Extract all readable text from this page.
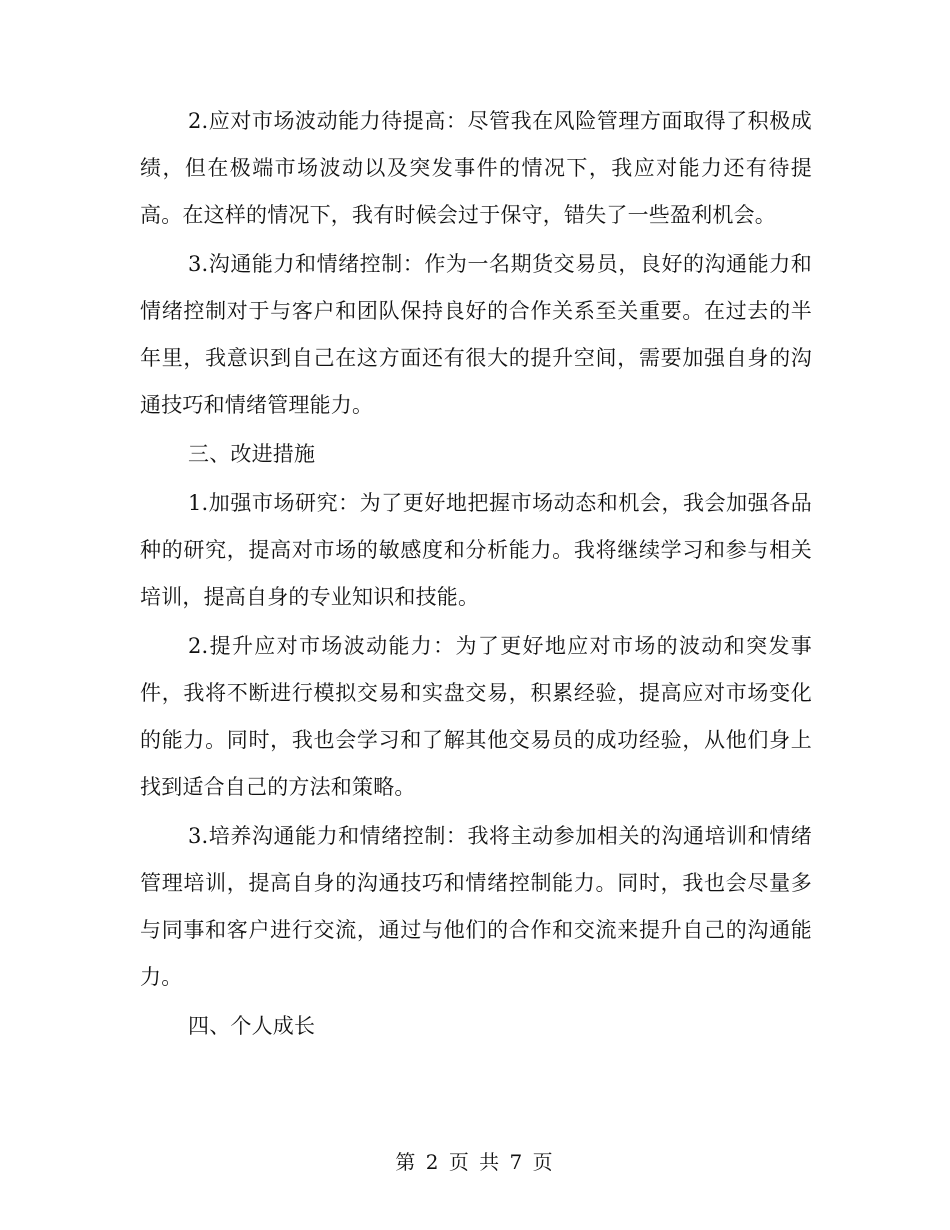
2.应对市场波动能力待提高：尽管我在风险管理方面取得了积极成绩，但在极端市场波动以及突发事件的情况下，我应对能力还有待提高。在这样的情况下，我有时候会过于保守，错失了一些盈利机会。

3.沟通能力和情绪控制：作为一名期货交易员，良好的沟通能力和情绪控制对于与客户和团队保持良好的合作关系至关重要。在过去的半年里，我意识到自己在这方面还有很大的提升空间，需要加强自身的沟通技巧和情绪管理能力。

三、改进措施

1.加强市场研究：为了更好地把握市场动态和机会，我会加强各品种的研究，提高对市场的敏感度和分析能力。我将继续学习和参与相关培训，提高自身的专业知识和技能。

2.提升应对市场波动能力：为了更好地应对市场的波动和突发事件，我将不断进行模拟交易和实盘交易，积累经验，提高应对市场变化的能力。同时，我也会学习和了解其他交易员的成功经验，从他们身上找到适合自己的方法和策略。

3.培养沟通能力和情绪控制：我将主动参加相关的沟通培训和情绪管理培训，提高自身的沟通技巧和情绪控制能力。同时，我也会尽量多与同事和客户进行交流，通过与他们的合作和交流来提升自己的沟通能力。

四、个人成长

第 2 页 共 7 页
